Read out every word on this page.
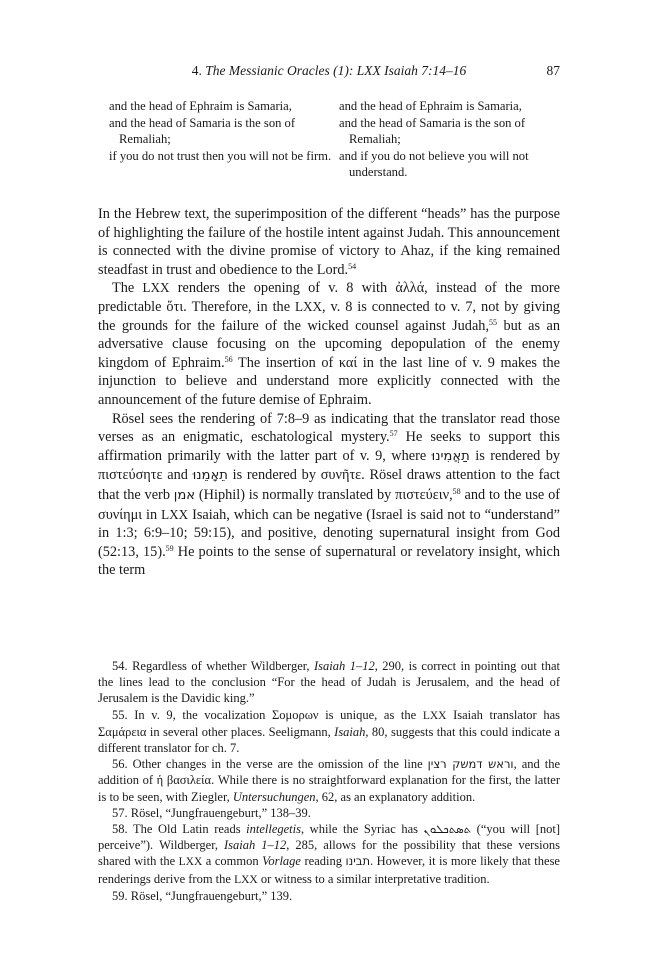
4. The Messianic Oracles (1): LXX Isaiah 7:14–16	87
and the head of Ephraim is Samaria,
and the head of Samaria is the son of Remaliah;
if you do not trust then you will not be firm.
and the head of Ephraim is Samaria,
and the head of Samaria is the son of Remaliah;
and if you do not believe you will not understand.

In the Hebrew text, the superimposition of the different “heads” has the purpose of highlighting the failure of the hostile intent against Judah. This announcement is connected with the divine promise of victory to Ahaz, if the king remained steadfast in trust and obedience to the Lord.$^{54}$

The LXX renders the opening of v. 8 with ἀλλά, instead of the more predictable ὅτι. Therefore, in the LXX, v. 8 is connected to v. 7, not by giving the grounds for the failure of the wicked counsel against Judah,$^{55}$ but as an adversative clause focusing on the upcoming depopulation of the enemy kingdom of Ephraim.$^{56}$ The insertion of καί in the last line of v. 9 makes the injunction to believe and understand more explicitly connected with the announcement of the future demise of Ephraim.

Rösel sees the rendering of 7:8–9 as indicating that the translator read those verses as an enigmatic, eschatological mystery.$^{57}$ He seeks to support this affirmation primarily with the latter part of v. 9, where תַאֲמִינוּ is rendered by πιστεύσητε and תֵאָמֵנוּ is rendered by συνῆτε. Rösel draws attention to the fact that the verb אמן (Hiphil) is normally translated by πιστεύειν,$^{58}$ and to the use of συνίημι in LXX Isaiah, which can be negative (Israel is said not to “understand” in 1:3; 6:9–10; 59:15), and positive, denoting supernatural insight from God (52:13, 15).$^{59}$ He points to the sense of supernatural or revelatory insight, which the term

54. Regardless of whether Wildberger, Isaiah 1–12, 290, is correct in pointing out that the lines lead to the conclusion “For the head of Judah is Jerusalem, and the head of Jerusalem is the Davidic king.”

55. In v. 9, the vocalization Σομορων is unique, as the LXX Isaiah translator has Σαμάρεια in several other places. Seeligmann, Isaiah, 80, suggests that this could indicate a different translator for ch. 7.

56. Other changes in the verse are the omission of the line וראש דמשק רצין, and the addition of ἡ βασιλεία. While there is no straightforward explanation for the first, the latter is to be seen, with Ziegler, Untersuchungen, 62, as an explanatory addition.

57. Rösel, “Jungfrauengeburt,” 138–39.

58. The Old Latin reads intellegetis, while the Syriac has ܬܣܬܟܠܘܢ (“you will [not] perceive”). Wildberger, Isaiah 1–12, 285, allows for the possibility that these versions shared with the LXX a common Vorlage reading תבינו. However, it is more likely that these renderings derive from the LXX or witness to a similar interpretative tradition.

59. Rösel, “Jungfrauengeburt,” 139.
